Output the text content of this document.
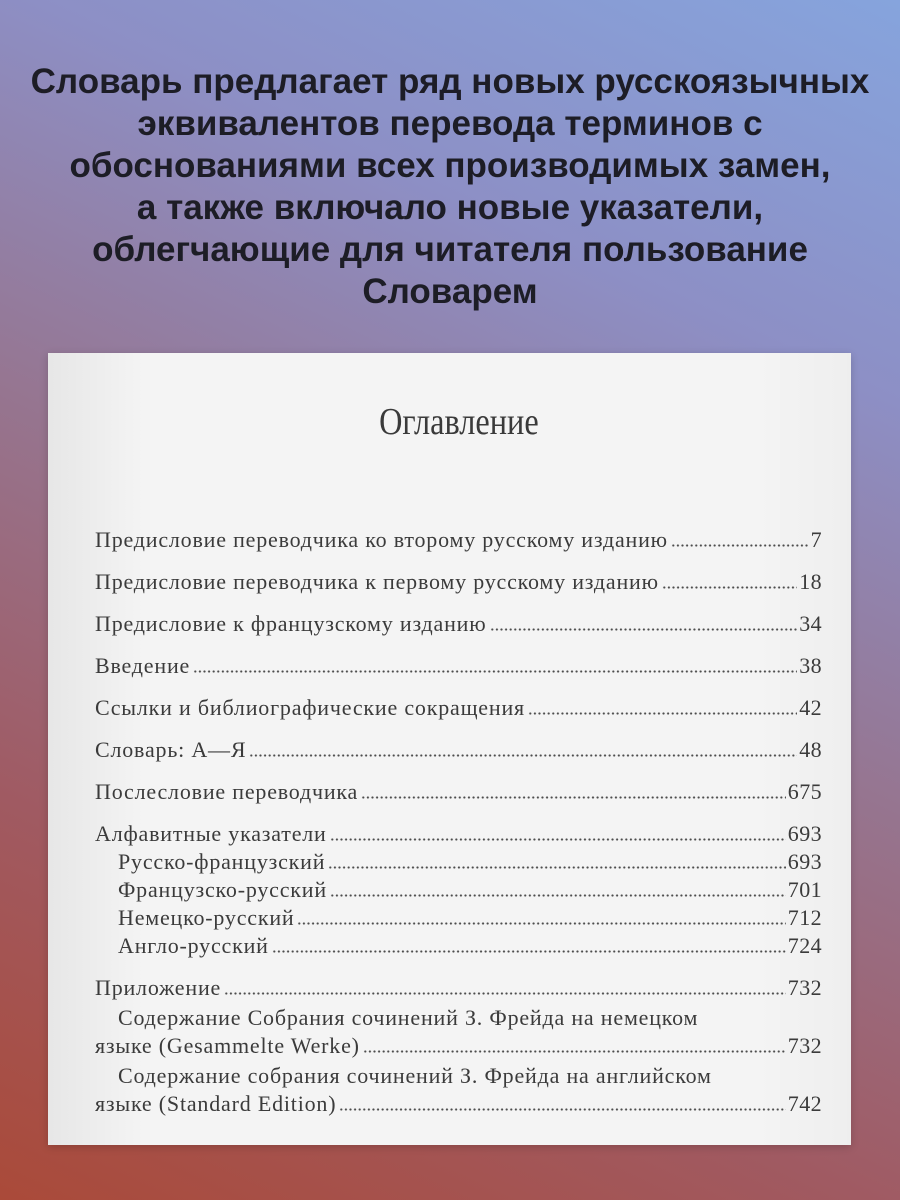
Словарь предлагает ряд новых русскоязычных
эквивалентов перевода терминов с
обоснованиями всех производимых замен,
а также включало новые указатели,
облегчающие для читателя пользование
Словарем
Оглавление
Предисловие переводчика ко второму русскому изданию	7
Предисловие переводчика к первому русскому изданию	18
Предисловие к французскому изданию	34
Введение	38
Ссылки и библиографические сокращения	42
Словарь: А—Я	48
Послесловие переводчика	675
Алфавитные указатели	693
Русско-французский	693
Французско-русский	701
Немецко-русский	712
Англо-русский	724
Приложение	732
Содержание Собрания сочинений З. Фрейда на немецком
языке (Gesammelte Werke)	732
Содержание собрания сочинений З. Фрейда на английском
языке (Standard Edition)	742
